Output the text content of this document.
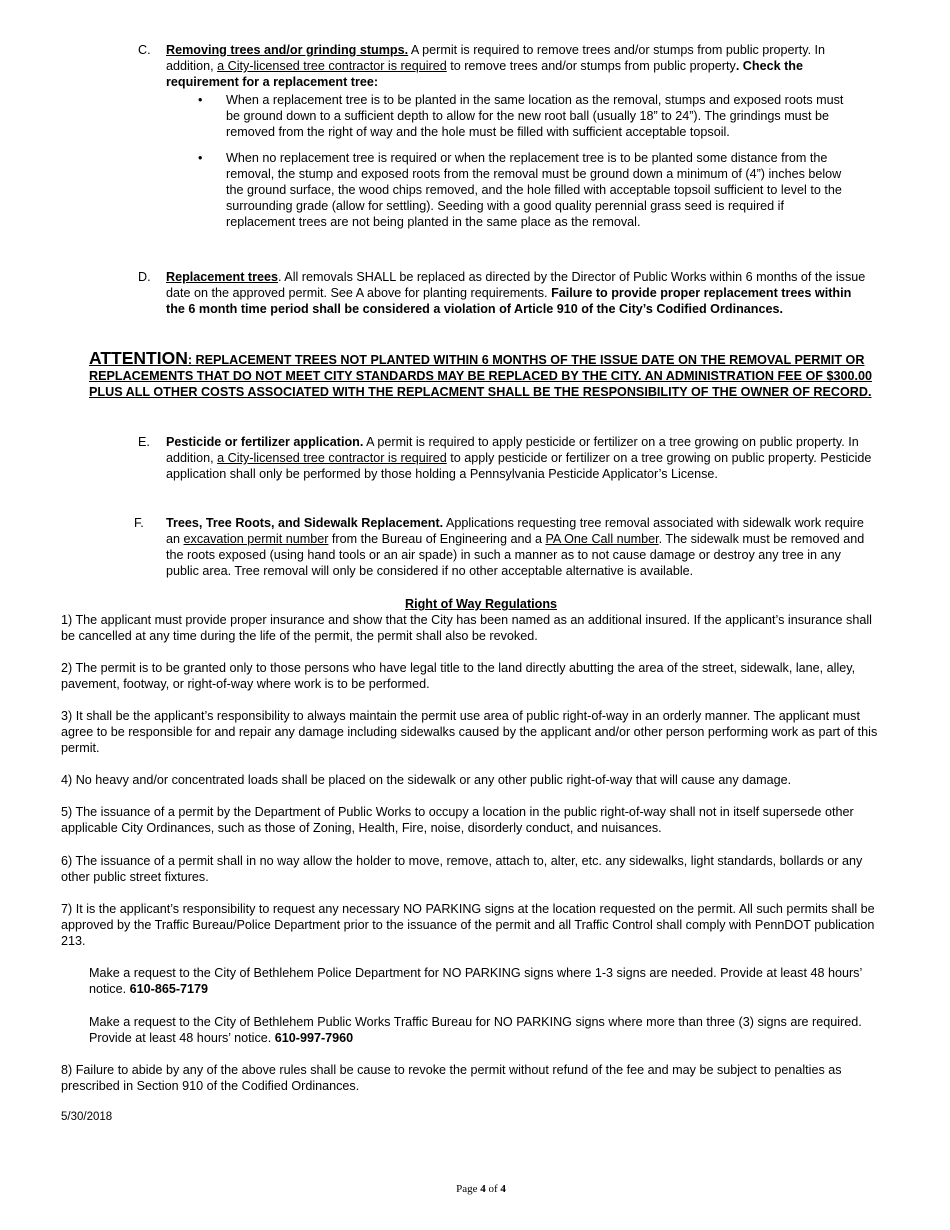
C. Removing trees and/or grinding stumps. A permit is required to remove trees and/or stumps from public property. In addition, a City-licensed tree contractor is required to remove trees and/or stumps from public property. Check the requirement for a replacement tree:
• When a replacement tree is to be planted in the same location as the removal, stumps and exposed roots must be ground down to a sufficient depth to allow for the new root ball (usually 18” to 24”). The grindings must be removed from the right of way and the hole must be filled with sufficient acceptable topsoil.
• When no replacement tree is required or when the replacement tree is to be planted some distance from the removal, the stump and exposed roots from the removal must be ground down a minimum of (4”) inches below the ground surface, the wood chips removed, and the hole filled with acceptable topsoil sufficient to level to the surrounding grade (allow for settling). Seeding with a good quality perennial grass seed is required if replacement trees are not being planted in the same place as the removal.
D. Replacement trees. All removals SHALL be replaced as directed by the Director of Public Works within 6 months of the issue date on the approved permit. See A above for planting requirements. Failure to provide proper replacement trees within the 6 month time period shall be considered a violation of Article 910 of the City’s Codified Ordinances.
ATTENTION: REPLACEMENT TREES NOT PLANTED WITHIN 6 MONTHS OF THE ISSUE DATE ON THE REMOVAL PERMIT OR REPLACEMENTS THAT DO NOT MEET CITY STANDARDS MAY BE REPLACED BY THE CITY. AN ADMINISTRATION FEE OF $300.00 PLUS ALL OTHER COSTS ASSOCIATED WITH THE REPLACMENT SHALL BE THE RESPONSIBILITY OF THE OWNER OF RECORD.
E. Pesticide or fertilizer application. A permit is required to apply pesticide or fertilizer on a tree growing on public property. In addition, a City-licensed tree contractor is required to apply pesticide or fertilizer on a tree growing on public property. Pesticide application shall only be performed by those holding a Pennsylvania Pesticide Applicator’s License.
F. Trees, Tree Roots, and Sidewalk Replacement. Applications requesting tree removal associated with sidewalk work require an excavation permit number from the Bureau of Engineering and a PA One Call number. The sidewalk must be removed and the roots exposed (using hand tools or an air spade) in such a manner as to not cause damage or destroy any tree in any public area. Tree removal will only be considered if no other acceptable alternative is available.
Right of Way Regulations
1) The applicant must provide proper insurance and show that the City has been named as an additional insured. If the applicant’s insurance shall be cancelled at any time during the life of the permit, the permit shall also be revoked.
2) The permit is to be granted only to those persons who have legal title to the land directly abutting the area of the street, sidewalk, lane, alley, pavement, footway, or right-of-way where work is to be performed.
3) It shall be the applicant’s responsibility to always maintain the permit use area of public right-of-way in an orderly manner. The applicant must agree to be responsible for and repair any damage including sidewalks caused by the applicant and/or other person performing work as part of this permit.
4) No heavy and/or concentrated loads shall be placed on the sidewalk or any other public right-of-way that will cause any damage.
5) The issuance of a permit by the Department of Public Works to occupy a location in the public right-of-way shall not in itself supersede other applicable City Ordinances, such as those of Zoning, Health, Fire, noise, disorderly conduct, and nuisances.
6) The issuance of a permit shall in no way allow the holder to move, remove, attach to, alter, etc. any sidewalks, light standards, bollards or any other public street fixtures.
7) It is the applicant’s responsibility to request any necessary NO PARKING signs at the location requested on the permit. All such permits shall be approved by the Traffic Bureau/Police Department prior to the issuance of the permit and all Traffic Control shall comply with PennDOT publication 213.
Make a request to the City of Bethlehem Police Department for NO PARKING signs where 1-3 signs are needed. Provide at least 48 hours’ notice. 610-865-7179
Make a request to the City of Bethlehem Public Works Traffic Bureau for NO PARKING signs where more than three (3) signs are required. Provide at least 48 hours’ notice. 610-997-7960
8) Failure to abide by any of the above rules shall be cause to revoke the permit without refund of the fee and may be subject to penalties as prescribed in Section 910 of the Codified Ordinances.
5/30/2018
Page 4 of 4
